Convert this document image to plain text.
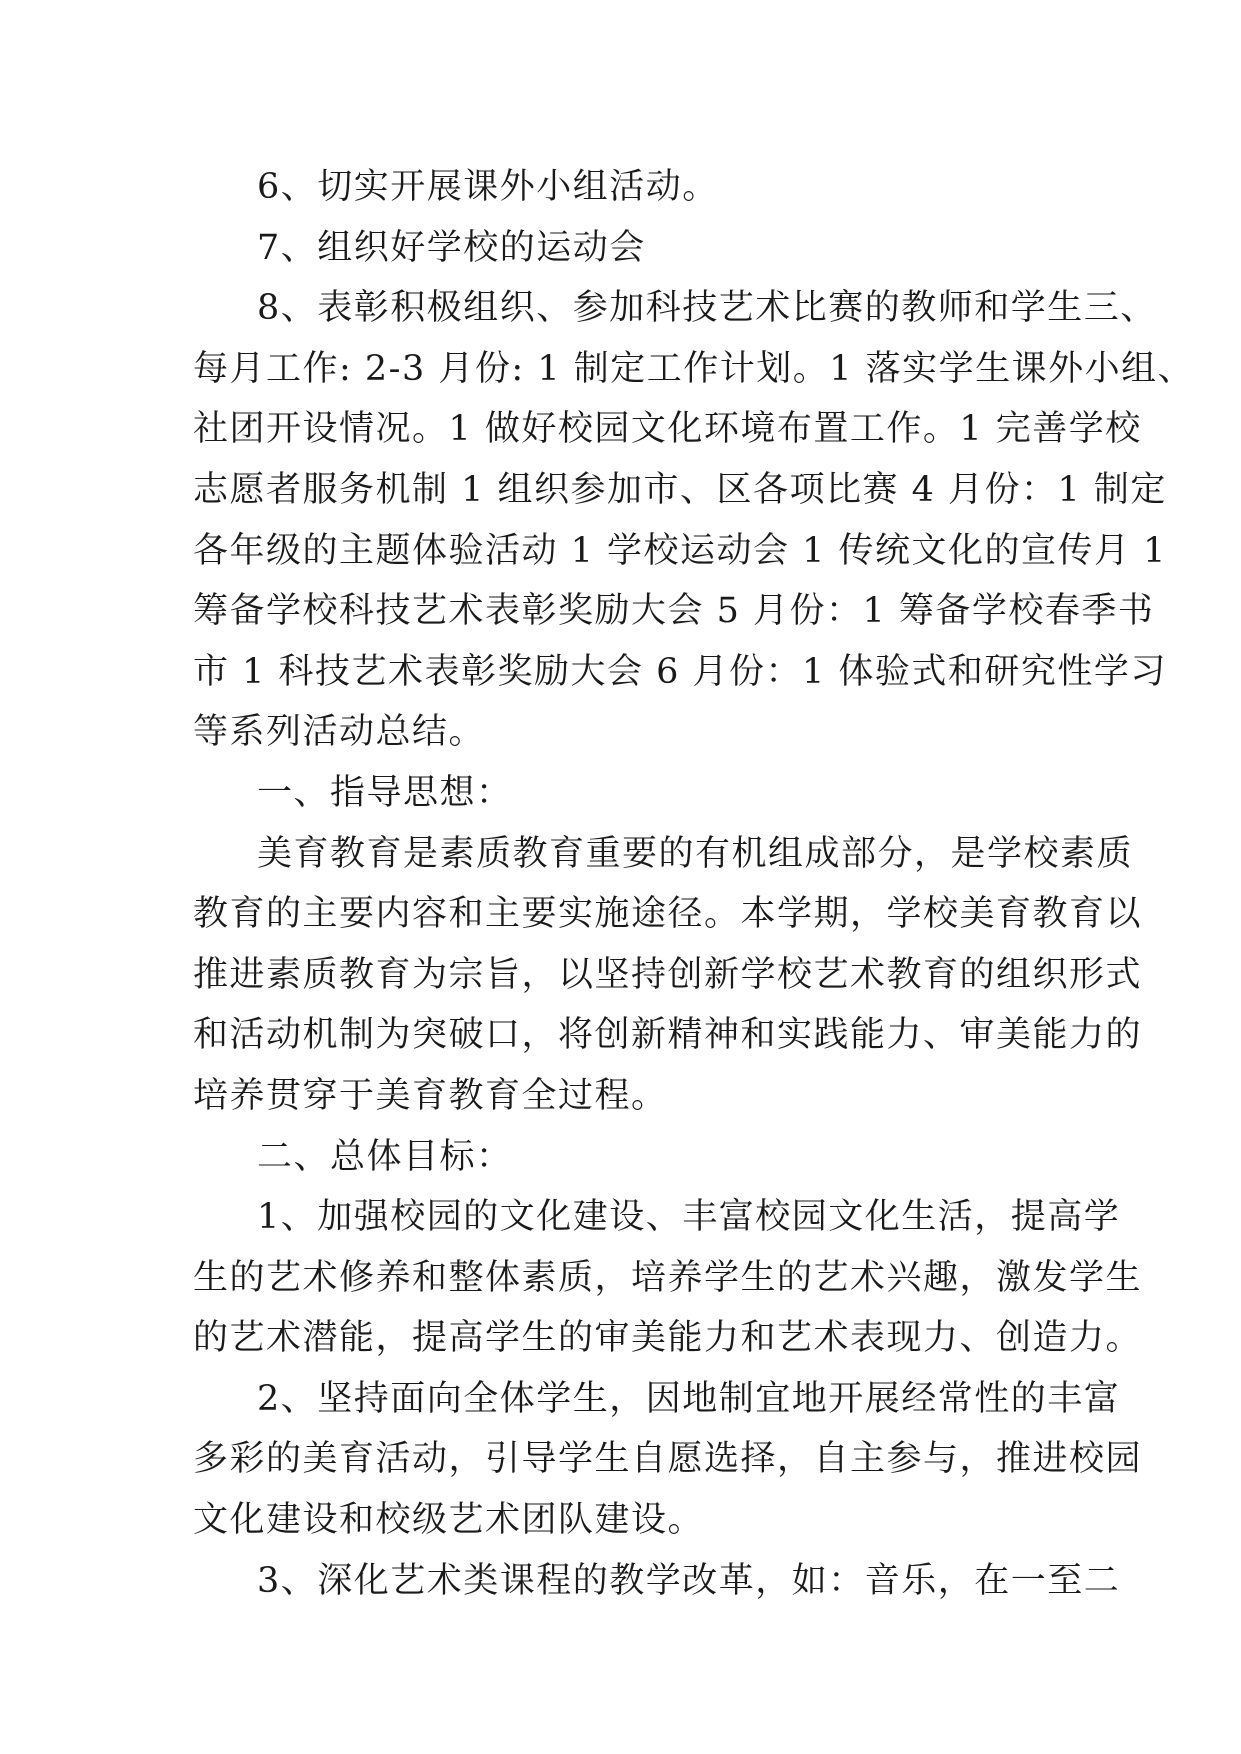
6、切实开展课外小组活动。
7、组织好学校的运动会
8、表彰积极组织、参加科技艺术比赛的教师和学生三、
每月工作: 2-3 月份: 1 制定工作计划。1 落实学生课外小组、
社团开设情况。1 做好校园文化环境布置工作。1 完善学校
志愿者服务机制 1 组织参加市、区各项比赛 4 月份：1 制定
各年级的主题体验活动 1 学校运动会 1 传统文化的宣传月 1
筹备学校科技艺术表彰奖励大会 5 月份：1 筹备学校春季书
市 1 科技艺术表彰奖励大会 6 月份：1 体验式和研究性学习
等系列活动总结。
一、指导思想：
美育教育是素质教育重要的有机组成部分，是学校素质
教育的主要内容和主要实施途径。本学期，学校美育教育以
推进素质教育为宗旨，以坚持创新学校艺术教育的组织形式
和活动机制为突破口，将创新精神和实践能力、审美能力的
培养贯穿于美育教育全过程。
二、总体目标：
1、加强校园的文化建设、丰富校园文化生活，提高学
生的艺术修养和整体素质，培养学生的艺术兴趣，激发学生
的艺术潜能，提高学生的审美能力和艺术表现力、创造力。
2、坚持面向全体学生，因地制宜地开展经常性的丰富
多彩的美育活动，引导学生自愿选择，自主参与，推进校园
文化建设和校级艺术团队建设。
3、深化艺术类课程的教学改革，如：音乐，在一至二
